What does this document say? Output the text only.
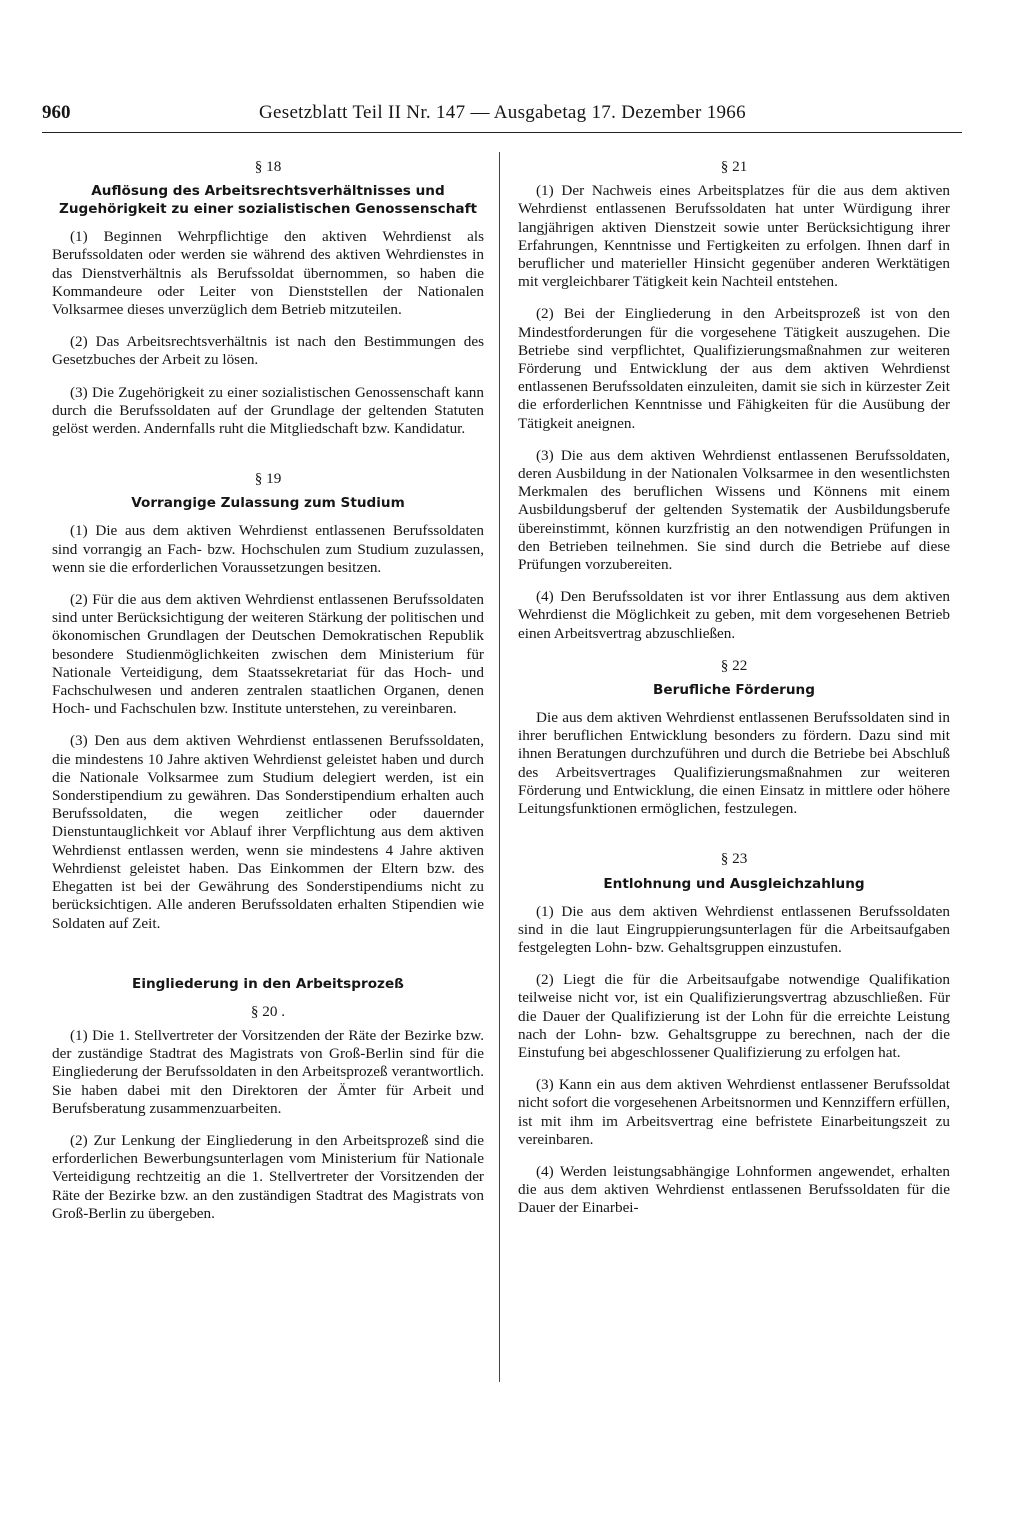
960	Gesetzblatt Teil II Nr. 147 — Ausgabetag 17. Dezember 1966
§ 18
Auflösung des Arbeitsrechtsverhältnisses und Zugehörigkeit zu einer sozialistischen Genossenschaft

(1) Beginnen Wehrpflichtige den aktiven Wehrdienst als Berufssoldaten oder werden sie während des aktiven Wehrdienstes in das Dienstverhältnis als Berufssoldat übernommen, so haben die Kommandeure oder Leiter von Dienststellen der Nationalen Volksarmee dieses unverzüglich dem Betrieb mitzuteilen.

(2) Das Arbeitsrechtsverhältnis ist nach den Bestimmungen des Gesetzbuches der Arbeit zu lösen.

(3) Die Zugehörigkeit zu einer sozialistischen Genossenschaft kann durch die Berufssoldaten auf der Grundlage der geltenden Statuten gelöst werden. Andernfalls ruht die Mitgliedschaft bzw. Kandidatur.

§ 19
Vorrangige Zulassung zum Studium

(1) Die aus dem aktiven Wehrdienst entlassenen Berufssoldaten sind vorrangig an Fach- bzw. Hochschulen zum Studium zuzulassen, wenn sie die erforderlichen Voraussetzungen besitzen.

(2) Für die aus dem aktiven Wehrdienst entlassenen Berufssoldaten sind unter Berücksichtigung der weiteren Stärkung der politischen und ökonomischen Grundlagen der Deutschen Demokratischen Republik besondere Studienmöglichkeiten zwischen dem Ministerium für Nationale Verteidigung, dem Staatssekretariat für das Hoch- und Fachschulwesen und anderen zentralen staatlichen Organen, denen Hoch- und Fachschulen bzw. Institute unterstehen, zu vereinbaren.

(3) Den aus dem aktiven Wehrdienst entlassenen Berufssoldaten, die mindestens 10 Jahre aktiven Wehrdienst geleistet haben und durch die Nationale Volksarmee zum Studium delegiert werden, ist ein Sonderstipendium zu gewähren. Das Sonderstipendium erhalten auch Berufssoldaten, die wegen zeitlicher oder dauernder Dienstuntauglichkeit vor Ablauf ihrer Verpflichtung aus dem aktiven Wehrdienst entlassen werden, wenn sie mindestens 4 Jahre aktiven Wehrdienst geleistet haben. Das Einkommen der Eltern bzw. des Ehegatten ist bei der Gewährung des Sonderstipendiums nicht zu berücksichtigen. Alle anderen Berufssoldaten erhalten Stipendien wie Soldaten auf Zeit.

Eingliederung in den Arbeitsprozeß
§ 20 .

(1) Die 1. Stellvertreter der Vorsitzenden der Räte der Bezirke bzw. der zuständige Stadtrat des Magistrats von Groß-Berlin sind für die Eingliederung der Berufssoldaten in den Arbeitsprozeß verantwortlich. Sie haben dabei mit den Direktoren der Ämter für Arbeit und Berufsberatung zusammenzuarbeiten.

(2) Zur Lenkung der Eingliederung in den Arbeitsprozeß sind die erforderlichen Bewerbungsunterlagen vom Ministerium für Nationale Verteidigung rechtzeitig an die 1. Stellvertreter der Vorsitzenden der Räte der Bezirke bzw. an den zuständigen Stadtrat des Magistrats von Groß-Berlin zu übergeben.

§ 21

(1) Der Nachweis eines Arbeitsplatzes für die aus dem aktiven Wehrdienst entlassenen Berufssoldaten hat unter Würdigung ihrer langjährigen aktiven Dienstzeit sowie unter Berücksichtigung ihrer Erfahrungen, Kenntnisse und Fertigkeiten zu erfolgen. Ihnen darf in beruflicher und materieller Hinsicht gegenüber anderen Werktätigen mit vergleichbarer Tätigkeit kein Nachteil entstehen.

(2) Bei der Eingliederung in den Arbeitsprozeß ist von den Mindestforderungen für die vorgesehene Tätigkeit auszugehen. Die Betriebe sind verpflichtet, Qualifizierungsmaßnahmen zur weiteren Förderung und Entwicklung der aus dem aktiven Wehrdienst entlassenen Berufssoldaten einzuleiten, damit sie sich in kürzester Zeit die erforderlichen Kenntnisse und Fähigkeiten für die Ausübung der Tätigkeit aneignen.

(3) Die aus dem aktiven Wehrdienst entlassenen Berufssoldaten, deren Ausbildung in der Nationalen Volksarmee in den wesentlichsten Merkmalen des beruflichen Wissens und Könnens mit einem Ausbildungsberuf der geltenden Systematik der Ausbildungsberufe übereinstimmt, können kurzfristig an den notwendigen Prüfungen in den Betrieben teilnehmen. Sie sind durch die Betriebe auf diese Prüfungen vorzubereiten.

(4) Den Berufssoldaten ist vor ihrer Entlassung aus dem aktiven Wehrdienst die Möglichkeit zu geben, mit dem vorgesehenen Betrieb einen Arbeitsvertrag abzuschließen.

§ 22
Berufliche Förderung

Die aus dem aktiven Wehrdienst entlassenen Berufssoldaten sind in ihrer beruflichen Entwicklung besonders zu fördern. Dazu sind mit ihnen Beratungen durchzuführen und durch die Betriebe bei Abschluß des Arbeitsvertrages Qualifizierungsmaßnahmen zur weiteren Förderung und Entwicklung, die einen Einsatz in mittlere oder höhere Leitungsfunktionen ermöglichen, festzulegen.

§ 23
Entlohnung und Ausgleichzahlung

(1) Die aus dem aktiven Wehrdienst entlassenen Berufssoldaten sind in die laut Eingruppierungsunterlagen für die Arbeitsaufgaben festgelegten Lohn- bzw. Gehaltsgruppen einzustufen.

(2) Liegt die für die Arbeitsaufgabe notwendige Qualifikation teilweise nicht vor, ist ein Qualifizierungsvertrag abzuschließen. Für die Dauer der Qualifizierung ist der Lohn für die erreichte Leistung nach der Lohn- bzw. Gehaltsgruppe zu berechnen, nach der die Einstufung bei abgeschlossener Qualifizierung zu erfolgen hat.

(3) Kann ein aus dem aktiven Wehrdienst entlassener Berufssoldat nicht sofort die vorgesehenen Arbeitsnormen und Kennziffern erfüllen, ist mit ihm im Arbeitsvertrag eine befristete Einarbeitungszeit zu vereinbaren.

(4) Werden leistungsabhängige Lohnformen angewendet, erhalten die aus dem aktiven Wehrdienst entlassenen Berufssoldaten für die Dauer der Einarbei-
